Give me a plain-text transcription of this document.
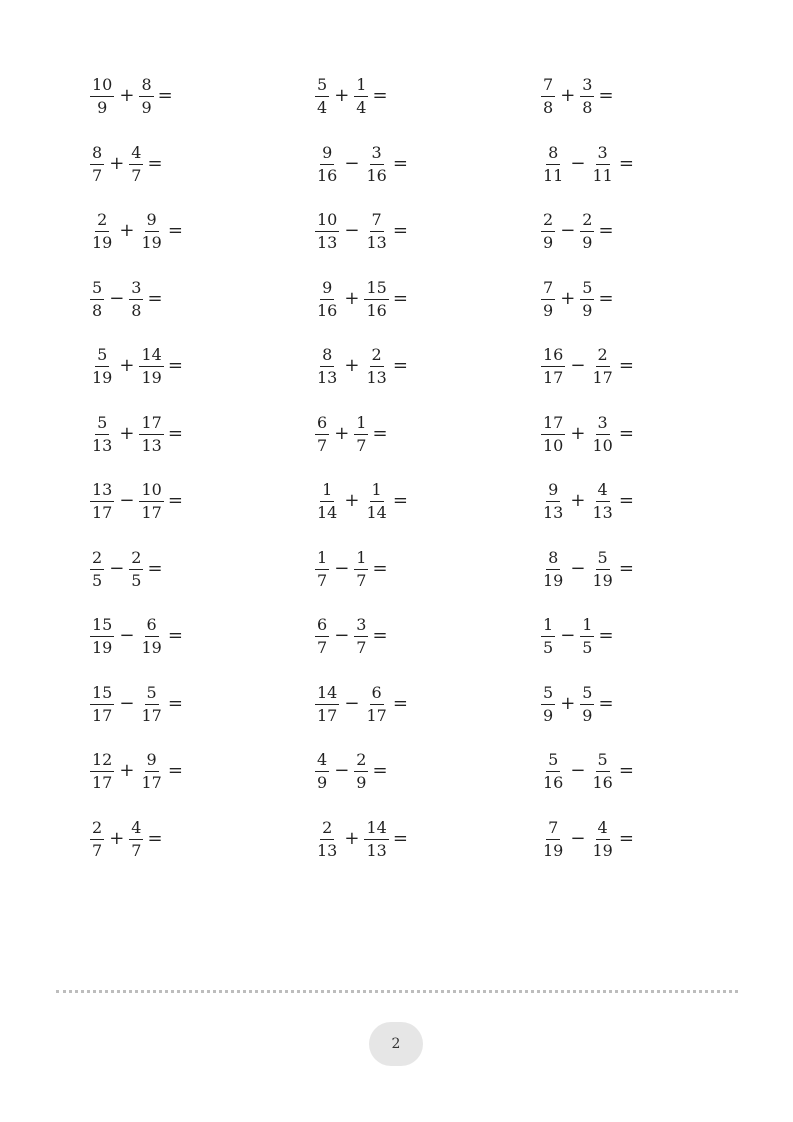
$\frac{10}{9} + \frac{8}{9}$ =	$\frac{5}{4} + \frac{1}{4}$ =	$\frac{7}{8} + \frac{3}{8}$ =
$\frac{8}{7} + \frac{4}{7}$ =	$\frac{9}{16} - \frac{3}{16}$ =	$\frac{8}{11} - \frac{3}{11}$ =
$\frac{2}{19} + \frac{9}{19}$ =	$\frac{10}{13} - \frac{7}{13}$ =	$\frac{2}{9} - \frac{2}{9}$ =
$\frac{5}{8} - \frac{3}{8}$ =	$\frac{9}{16} + \frac{15}{16}$ =	$\frac{7}{9} + \frac{5}{9}$ =
$\frac{5}{19} + \frac{14}{19}$ =	$\frac{8}{13} + \frac{2}{13}$ =	$\frac{16}{17} - \frac{2}{17}$ =
$\frac{5}{13} + \frac{17}{13}$ =	$\frac{6}{7} + \frac{1}{7}$ =	$\frac{17}{10} + \frac{3}{10}$ =
$\frac{13}{17} - \frac{10}{17}$ =	$\frac{1}{14} + \frac{1}{14}$ =	$\frac{9}{13} + \frac{4}{13}$ =
$\frac{2}{5} - \frac{2}{5}$ =	$\frac{1}{7} - \frac{1}{7}$ =	$\frac{8}{19} - \frac{5}{19}$ =
$\frac{15}{19} - \frac{6}{19}$ =	$\frac{6}{7} - \frac{3}{7}$ =	$\frac{1}{5} - \frac{1}{5}$ =
$\frac{15}{17} - \frac{5}{17}$ =	$\frac{14}{17} - \frac{6}{17}$ =	$\frac{5}{9} + \frac{5}{9}$ =
$\frac{12}{17} + \frac{9}{17}$ =	$\frac{4}{9} - \frac{2}{9}$ =	$\frac{5}{16} - \frac{5}{16}$ =
$\frac{2}{7} + \frac{4}{7}$ =	$\frac{2}{13} + \frac{14}{13}$ =	$\frac{7}{19} - \frac{4}{19}$ =
2
